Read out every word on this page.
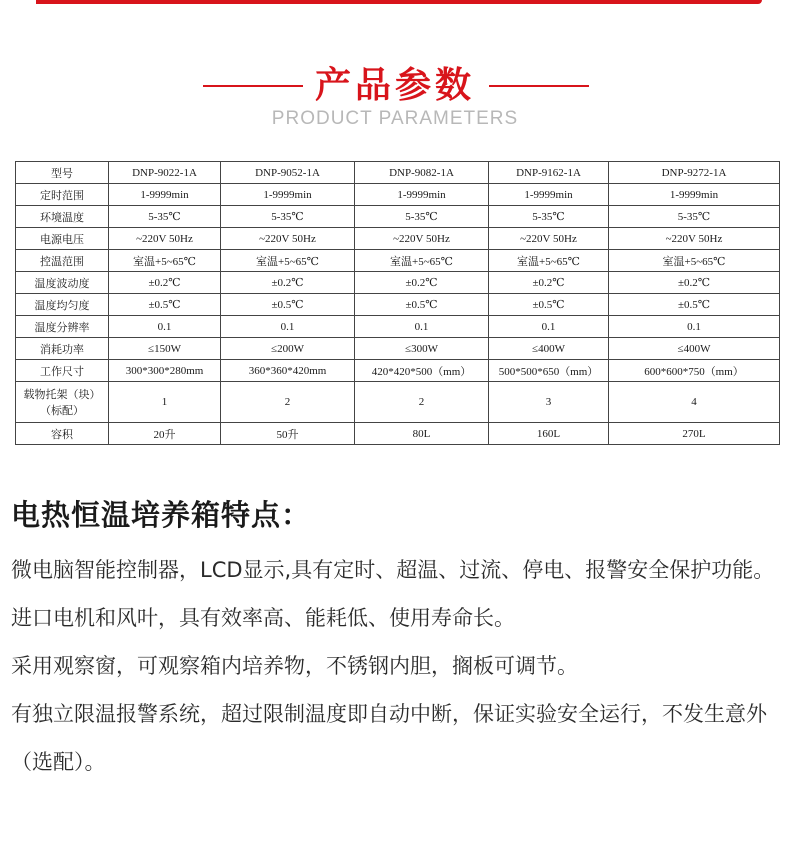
产品参数
PRODUCT PARAMETERS
型号	DNP-9022-1A	DNP-9052-1A	DNP-9082-1A	DNP-9162-1A	DNP-9272-1A
定时范围	1-9999min	1-9999min	1-9999min	1-9999min	1-9999min
环境温度	5-35℃	5-35℃	5-35℃	5-35℃	5-35℃
电源电压	~220V 50Hz	~220V 50Hz	~220V 50Hz	~220V 50Hz	~220V 50Hz
控温范围	室温+5~65℃	室温+5~65℃	室温+5~65℃	室温+5~65℃	室温+5~65℃
温度波动度	±0.2℃	±0.2℃	±0.2℃	±0.2℃	±0.2℃
温度均匀度	±0.5℃	±0.5℃	±0.5℃	±0.5℃	±0.5℃
温度分辨率	0.1	0.1	0.1	0.1	0.1
消耗功率	≤150W	≤200W	≤300W	≤400W	≤400W
工作尺寸	300*300*280mm	360*360*420mm	420*420*500（mm）	500*500*650（mm）	600*600*750（mm）
载物托架（块）（标配）	1	2	2	3	4
容积	20升	50升	80L	160L	270L
电热恒温培养箱特点：
微电脑智能控制器，LCD显示,具有定时、超温、过流、停电、报警安全保护功能。
进口电机和风叶，具有效率高、能耗低、使用寿命长。
采用观察窗，可观察箱内培养物，不锈钢内胆，搁板可调节。
有独立限温报警系统，超过限制温度即自动中断，保证实验安全运行，不发生意外（选配）。
